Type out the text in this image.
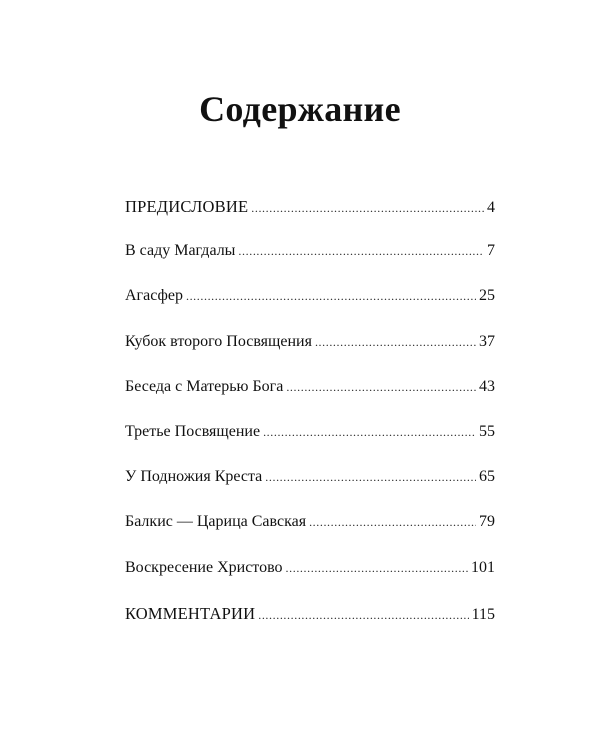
Содержание
ПРЕДИСЛОВИЕ .....	4
В саду Магдалы .....	7
Агасфер .....	25
Кубок второго Посвящения .....	37
Беседа с Матерью Бога .....	43
Третье Посвящение .....	55
У Подножия Креста .....	65
Балкис — Царица Савская .....	79
Воскресение Христово .....	101
КОММЕНТАРИИ .....	115
